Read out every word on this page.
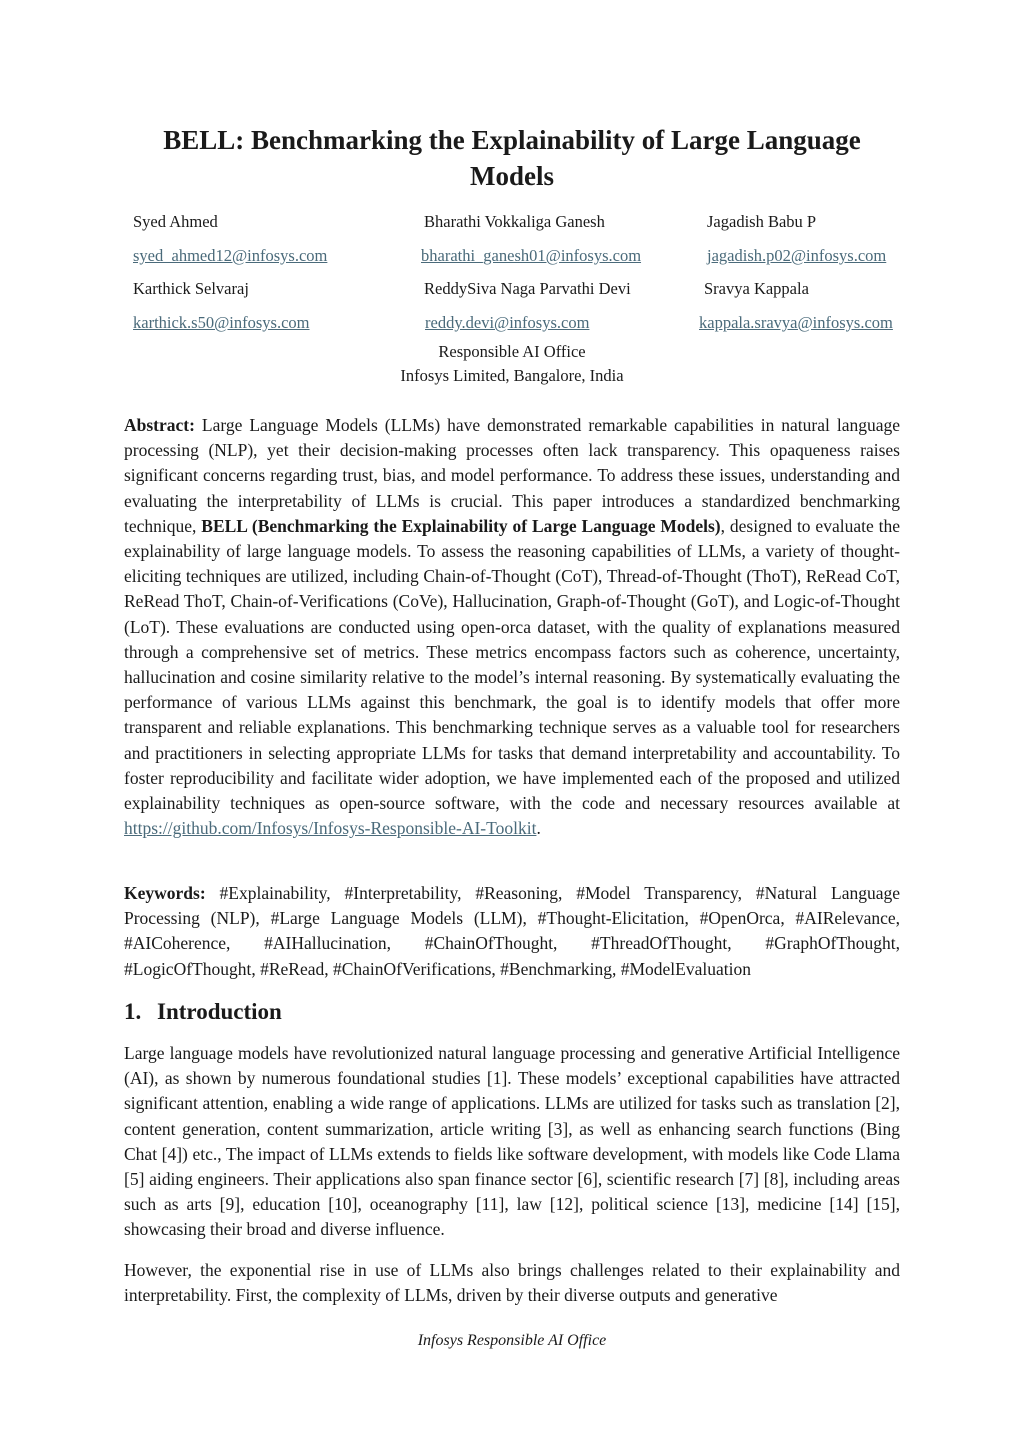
BELL: Benchmarking the Explainability of Large Language Models
Syed Ahmed	Bharathi Vokkaliga Ganesh	Jagadish Babu P
syed_ahmed12@infosys.com	bharathi_ganesh01@infosys.com	jagadish.p02@infosys.com
Karthick Selvaraj	ReddySiva Naga Parvathi Devi	Sravya Kappala
karthick.s50@infosys.com	reddy.devi@infosys.com	kappala.sravya@infosys.com
Responsible AI Office
Infosys Limited, Bangalore, India
Abstract: Large Language Models (LLMs) have demonstrated remarkable capabilities in natural language processing (NLP), yet their decision-making processes often lack transparency. This opaqueness raises significant concerns regarding trust, bias, and model performance. To address these issues, understanding and evaluating the interpretability of LLMs is crucial. This paper introduces a standardized benchmarking technique, BELL (Benchmarking the Explainability of Large Language Models), designed to evaluate the explainability of large language models. To assess the reasoning capabilities of LLMs, a variety of thought-eliciting techniques are utilized, including Chain-of-Thought (CoT), Thread-of-Thought (ThoT), ReRead CoT, ReRead ThoT, Chain-of-Verifications (CoVe), Hallucination, Graph-of-Thought (GoT), and Logic-of-Thought (LoT). These evaluations are conducted using open-orca dataset, with the quality of explanations measured through a comprehensive set of metrics. These metrics encompass factors such as coherence, uncertainty, hallucination and cosine similarity relative to the model’s internal reasoning. By systematically evaluating the performance of various LLMs against this benchmark, the goal is to identify models that offer more transparent and reliable explanations. This benchmarking technique serves as a valuable tool for researchers and practitioners in selecting appropriate LLMs for tasks that demand interpretability and accountability. To foster reproducibility and facilitate wider adoption, we have implemented each of the proposed and utilized explainability techniques as open-source software, with the code and necessary resources available at https://github.com/Infosys/Infosys-Responsible-AI-Toolkit.
Keywords: #Explainability, #Interpretability, #Reasoning, #Model Transparency, #Natural Language Processing (NLP), #Large Language Models (LLM), #Thought-Elicitation, #OpenOrca, #AIRelevance, #AICoherence, #AIHallucination, #ChainOfThought, #ThreadOfThought, #GraphOfThought, #LogicOfThought, #ReRead, #ChainOfVerifications, #Benchmarking, #ModelEvaluation
1. Introduction
Large language models have revolutionized natural language processing and generative Artificial Intelligence (AI), as shown by numerous foundational studies [1]. These models’ exceptional capabilities have attracted significant attention, enabling a wide range of applications. LLMs are utilized for tasks such as translation [2], content generation, content summarization, article writing [3], as well as enhancing search functions (Bing Chat [4]) etc., The impact of LLMs extends to fields like software development, with models like Code Llama [5] aiding engineers. Their applications also span finance sector [6], scientific research [7] [8], including areas such as arts [9], education [10], oceanography [11], law [12], political science [13], medicine [14] [15], showcasing their broad and diverse influence.
However, the exponential rise in use of LLMs also brings challenges related to their explainability and interpretability. First, the complexity of LLMs, driven by their diverse outputs and generative
Infosys Responsible AI Office
